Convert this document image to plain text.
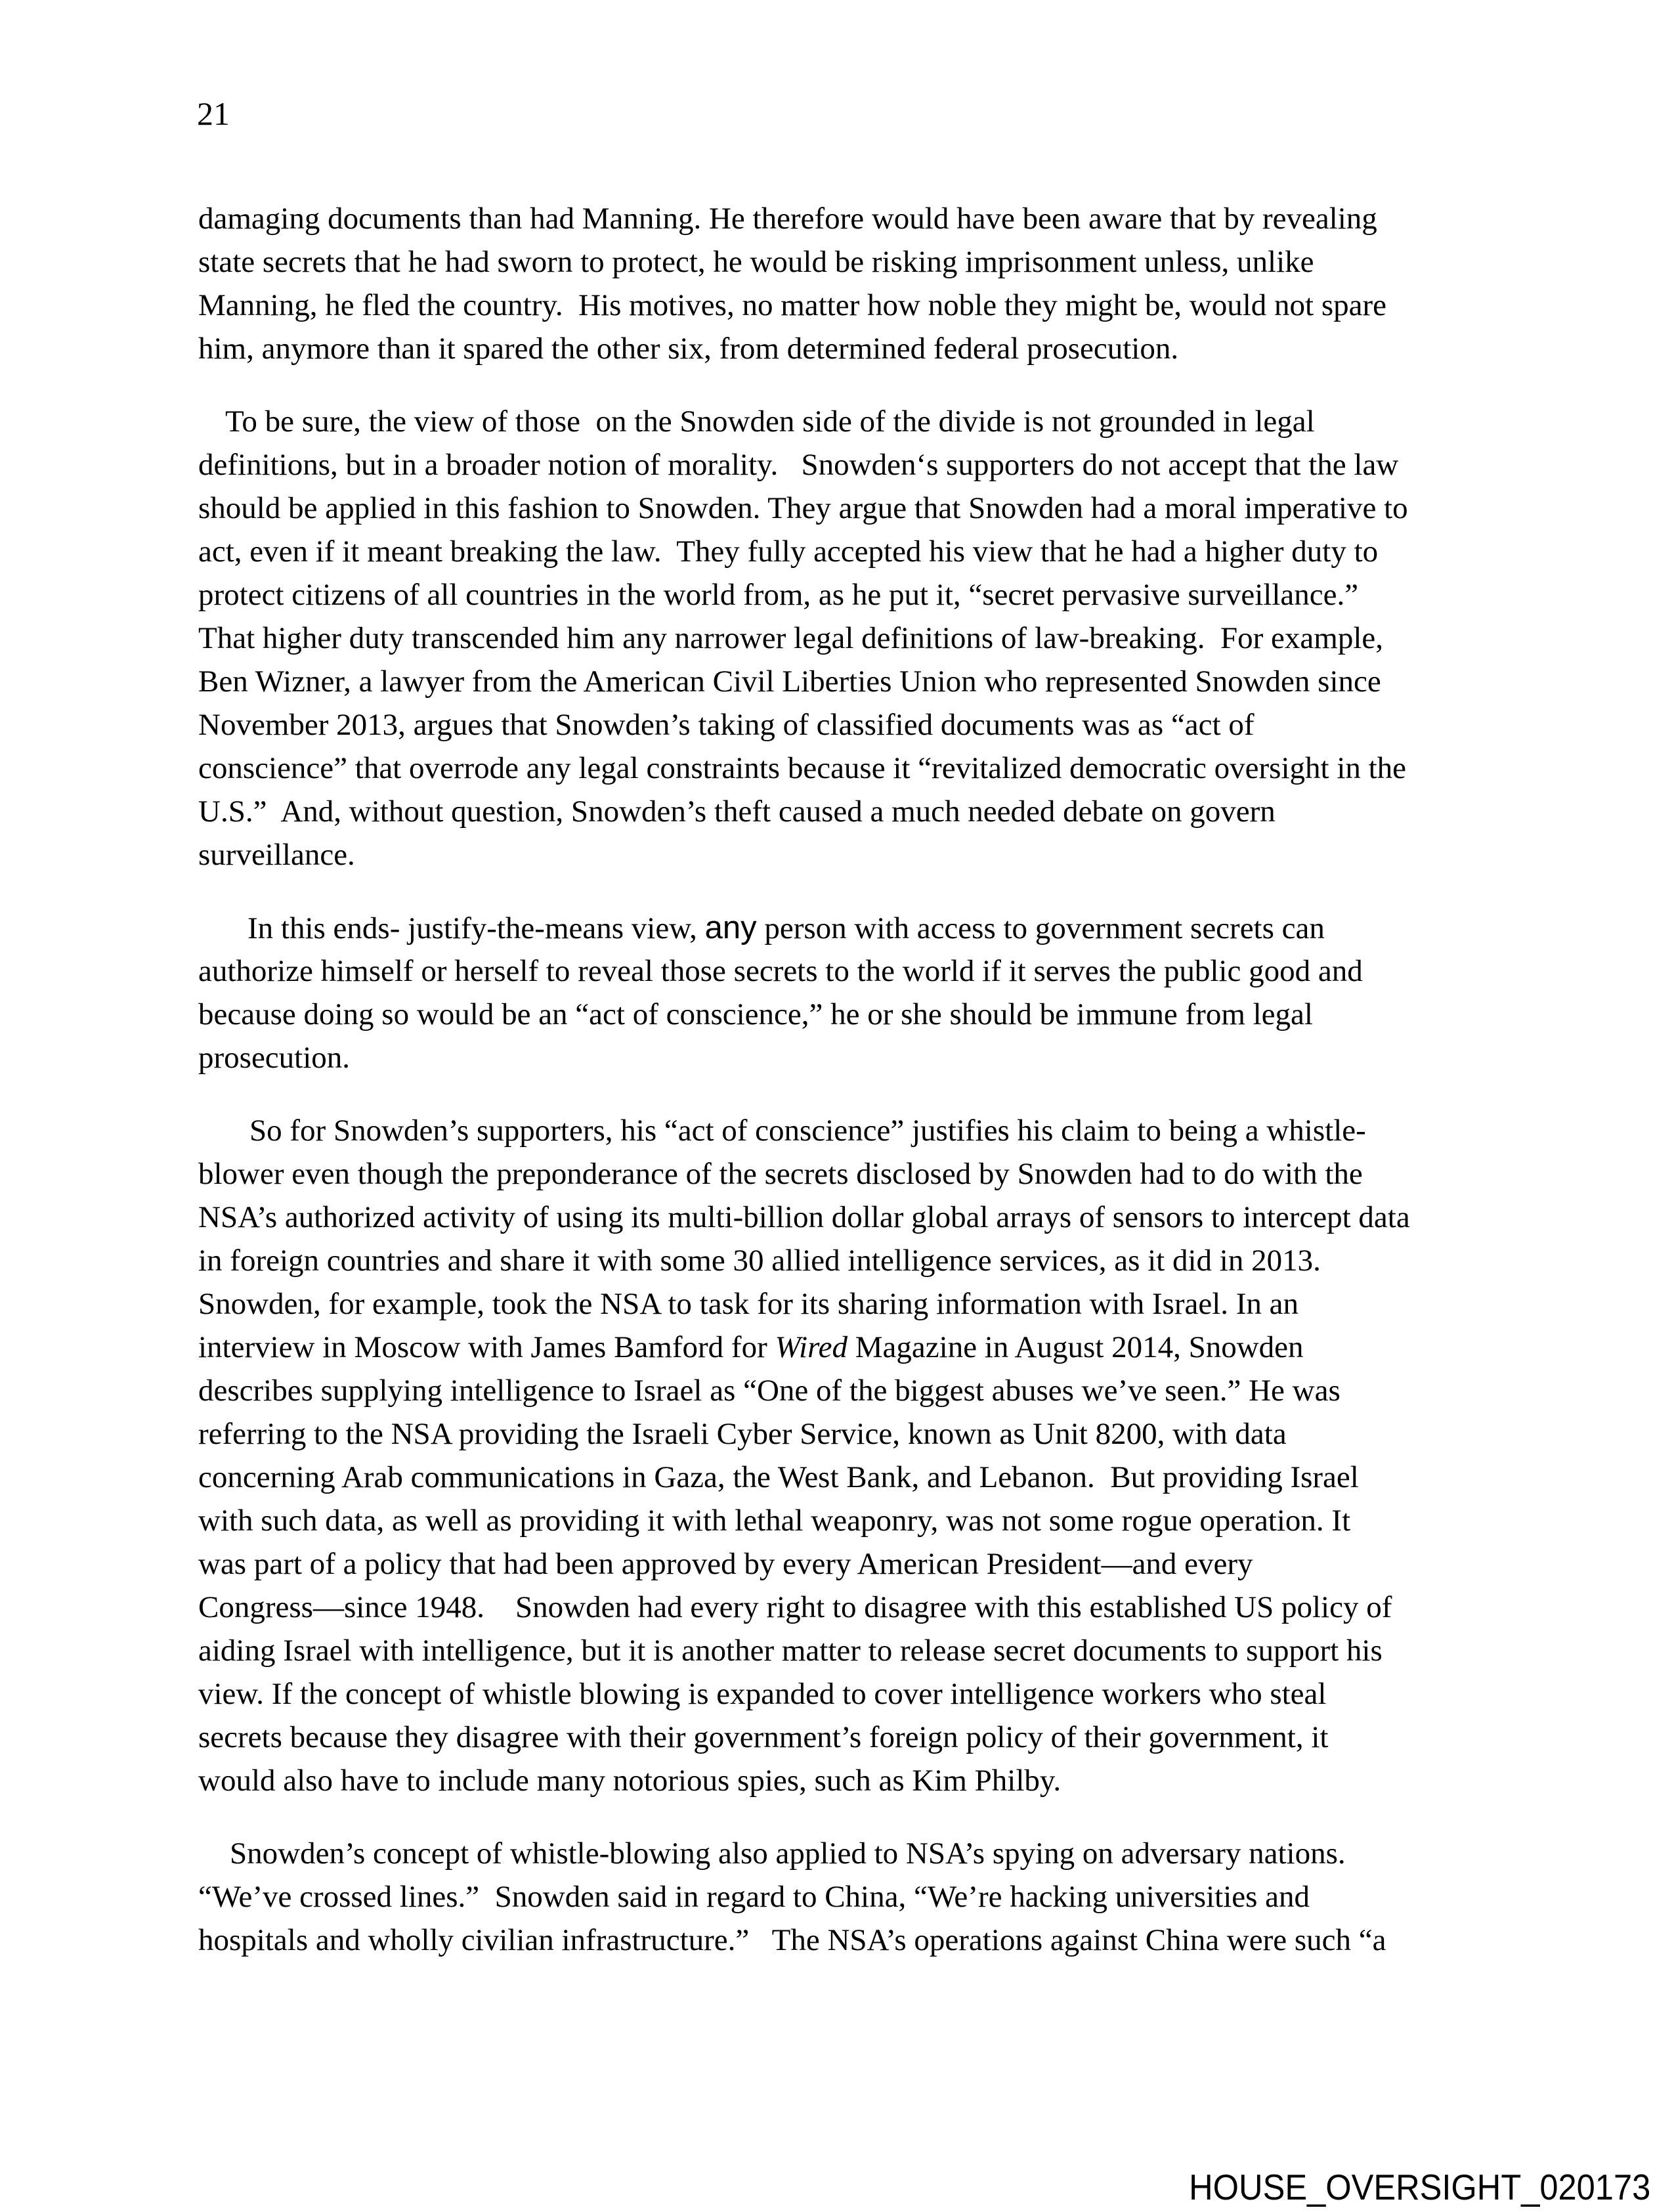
21
damaging documents than had Manning. He therefore would have been aware that by revealing
state secrets that he had sworn to protect, he would be risking imprisonment unless, unlike
Manning, he fled the country.  His motives, no matter how noble they might be, would not spare
him, anymore than it spared the other six, from determined federal prosecution.
To be sure, the view of those  on the Snowden side of the divide is not grounded in legal
definitions, but in a broader notion of morality.   Snowden‘s supporters do not accept that the law
should be applied in this fashion to Snowden. They argue that Snowden had a moral imperative to
act, even if it meant breaking the law.  They fully accepted his view that he had a higher duty to
protect citizens of all countries in the world from, as he put it, “secret pervasive surveillance.”
That higher duty transcended him any narrower legal definitions of law-breaking.  For example,
Ben Wizner, a lawyer from the American Civil Liberties Union who represented Snowden since
November 2013, argues that Snowden’s taking of classified documents was as “act of
conscience” that overrode any legal constraints because it “revitalized democratic oversight in the
U.S.”  And, without question, Snowden’s theft caused a much needed debate on govern
surveillance.
In this ends- justify-the-means view, any person with access to government secrets can
authorize himself or herself to reveal those secrets to the world if it serves the public good and
because doing so would be an “act of conscience,” he or she should be immune from legal
prosecution.
So for Snowden’s supporters, his “act of conscience” justifies his claim to being a whistle-
blower even though the preponderance of the secrets disclosed by Snowden had to do with the
NSA’s authorized activity of using its multi-billion dollar global arrays of sensors to intercept data
in foreign countries and share it with some 30 allied intelligence services, as it did in 2013.
Snowden, for example, took the NSA to task for its sharing information with Israel. In an
interview in Moscow with James Bamford for Wired Magazine in August 2014, Snowden
describes supplying intelligence to Israel as “One of the biggest abuses we’ve seen.” He was
referring to the NSA providing the Israeli Cyber Service, known as Unit 8200, with data
concerning Arab communications in Gaza, the West Bank, and Lebanon.  But providing Israel
with such data, as well as providing it with lethal weaponry, was not some rogue operation. It
was part of a policy that had been approved by every American President—and every
Congress—since 1948.    Snowden had every right to disagree with this established US policy of
aiding Israel with intelligence, but it is another matter to release secret documents to support his
view. If the concept of whistle blowing is expanded to cover intelligence workers who steal
secrets because they disagree with their government’s foreign policy of their government, it
would also have to include many notorious spies, such as Kim Philby.
Snowden’s concept of whistle-blowing also applied to NSA’s spying on adversary nations.
“We’ve crossed lines.”  Snowden said in regard to China, “We’re hacking universities and
hospitals and wholly civilian infrastructure.”   The NSA’s operations against China were such “a
HOUSE_OVERSIGHT_020173
